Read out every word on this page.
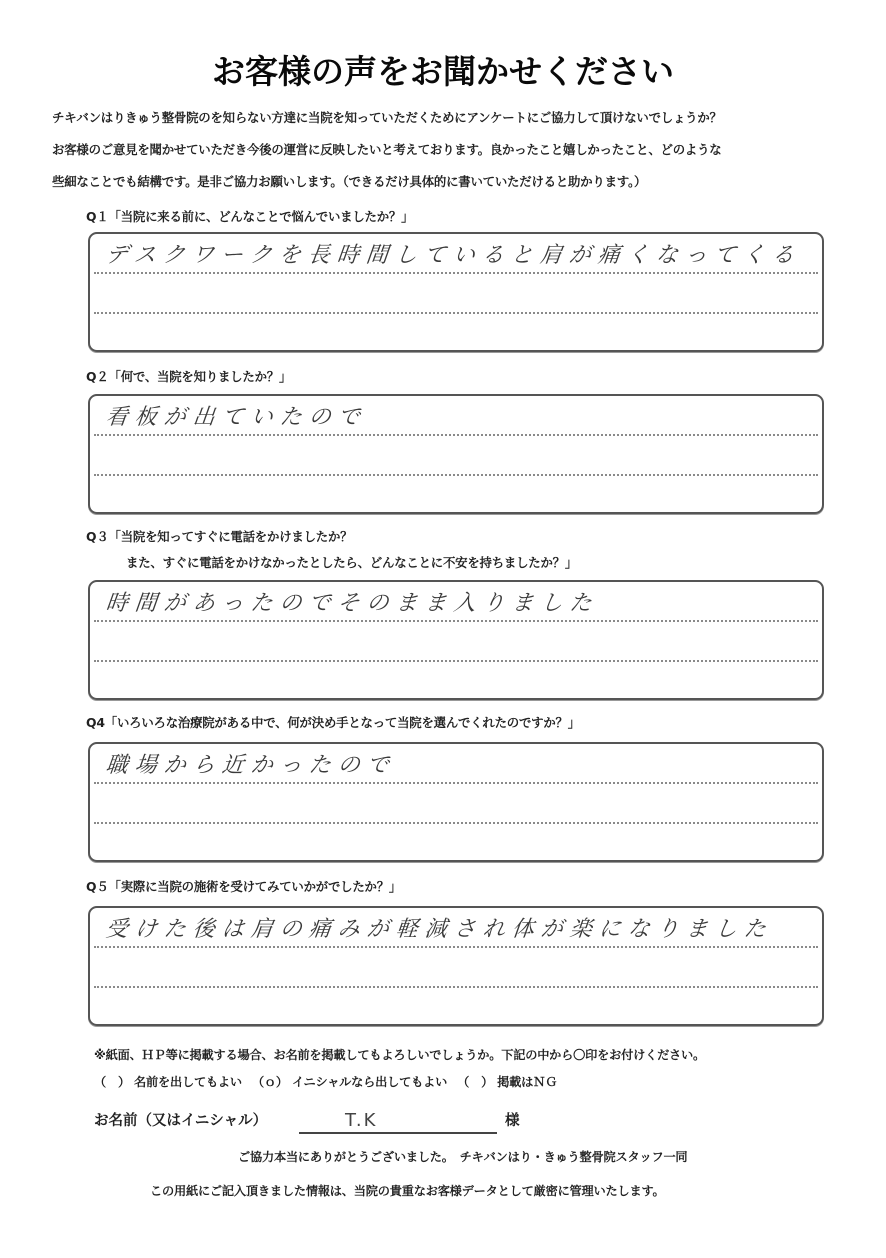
お客様の声をお聞かせください
チキバンはりきゅう整骨院のを知らない方達に当院を知っていただくためにアンケートにご協力して頂けないでしょうか？
お客様のご意見を聞かせていただき今後の運営に反映したいと考えております。良かったこと嬉しかったこと、どのような
些細なことでも結構です。是非ご協力お願いします。（できるだけ具体的に書いていただけると助かります。）
Q１「当院に来る前に、どんなことで悩んでいましたか？」
デスクワークを長時間していると肩が痛くなってくる
Q２「何で、当院を知りましたか？」
看板が出ていたので
Q３「当院を知ってすぐに電話をかけましたか？
また、すぐに電話をかけなかったとしたら、どんなことに不安を持ちましたか？」
時間があったのでそのまま入りました
Q4「いろいろな治療院がある中で、何が決め手となって当院を選んでくれたのですか？」
職場から近かったので
Q５「実際に当院の施術を受けてみていかがでしたか？」
受けた後は肩の痛みが軽減され体が楽になりました
※紙面、ＨＰ等に掲載する場合、お名前を掲載してもよろしいでしょうか。下記の中から〇印をお付けください。
（　） 名前を出してもよい （ｏ） イニシャルなら出してもよい （　） 掲載はＮＧ
お名前（又はイニシャル）	T.K	様
ご協力本当にありがとうございました。　チキバンはり・きゅう整骨院スタッフ一同
この用紙にご記入頂きました情報は、当院の貴重なお客様データとして厳密に管理いたします。
